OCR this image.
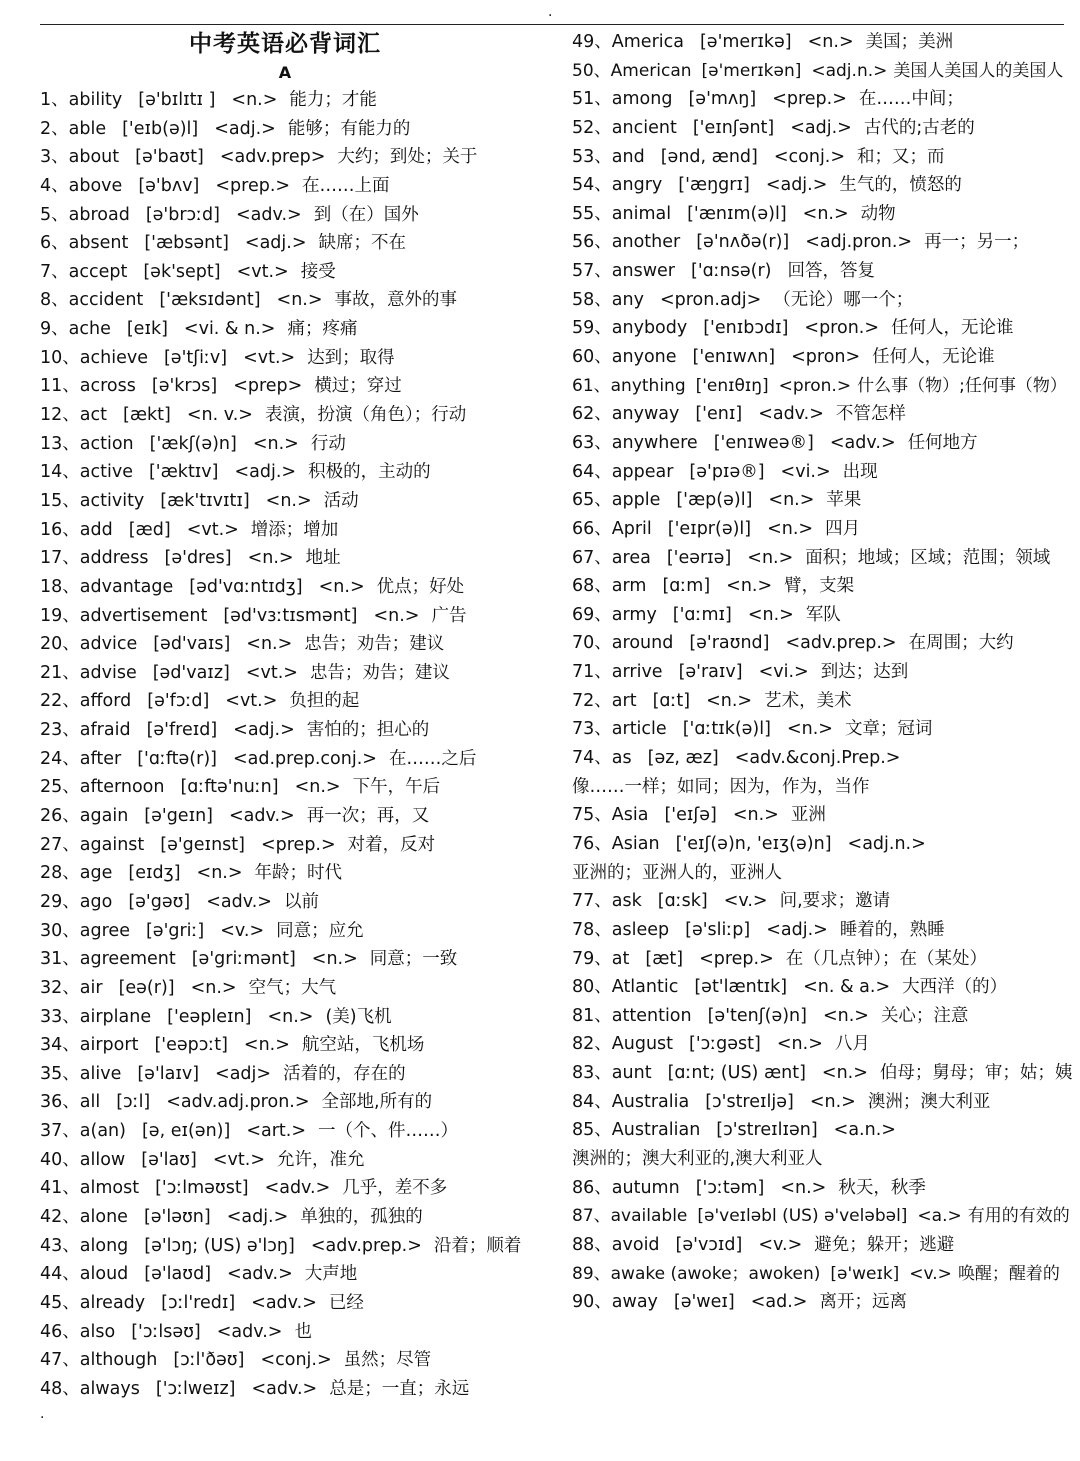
.
中考英语必背词汇
A
1、ability [ə'bɪlɪtɪ ] <n.> 能力；才能
2、able ['eɪb(ə)l] <adj.> 能够；有能力的
3、about [ə'baʊt] <adv.prep> 大约；到处；关于
4、above [ə'bʌv] <prep.> 在……上面
5、abroad [ə'brɔːd] <adv.> 到（在）国外
6、absent ['æbsənt] <adj.> 缺席；不在
7、accept [ək'sept] <vt.> 接受
8、accident ['æksɪdənt] <n.> 事故，意外的事
9、ache [eɪk] <vi. & n.> 痛；疼痛
10、achieve [ə'tʃiːv] <vt.> 达到；取得
11、across [ə'krɔs] <prep> 横过；穿过
12、act [ækt] <n. v.> 表演，扮演（角色）；行动
13、action ['ækʃ(ə)n] <n.> 行动
14、active ['æktɪv] <adj.> 积极的，主动的
15、activity [æk'tɪvɪtɪ] <n.> 活动
16、add [æd] <vt.> 增添；增加
17、address [ə'dres] <n.> 地址
18、advantage [əd'vɑːntɪdʒ] <n.> 优点；好处
19、advertisement [əd'vɜːtɪsmənt] <n.> 广告
20、advice [əd'vaɪs] <n.> 忠告；劝告；建议
21、advise [əd'vaɪz] <vt.> 忠告；劝告；建议
22、afford [ə'fɔːd] <vt.> 负担的起
23、afraid [ə'freɪd] <adj.> 害怕的；担心的
24、after ['ɑːftə(r)] <ad.prep.conj.> 在……之后
25、afternoon [ɑːftə'nuːn] <n.> 下午，午后
26、again [ə'geɪn] <adv.> 再一次；再，又
27、against [ə'geɪnst] <prep.> 对着，反对
28、age [eɪdʒ] <n.> 年龄；时代
29、ago [ə'gəʊ] <adv.> 以前
30、agree [ə'griː] <v.> 同意；应允
31、agreement [ə'griːmənt] <n.> 同意；一致
32、air [eə(r)] <n.> 空气；大气
33、airplane ['eəpleɪn] <n.> (美)飞机
34、airport ['eəpɔːt] <n.> 航空站，飞机场
35、alive [ə'laɪv] <adj> 活着的，存在的
36、all [ɔːl] <adv.adj.pron.> 全部地,所有的
37、a(an) [ə, eɪ(ən)] <art.> 一（个、件……）
40、allow [ə'laʊ] <vt.> 允许，准允
41、almost ['ɔːlməʊst] <adv.> 几乎，差不多
42、alone [ə'ləʊn] <adj.> 单独的，孤独的
43、along [ə'lɔŋ; (US) ə'lɔŋ] <adv.prep.> 沿着；顺着
44、aloud [ə'laʊd] <adv.> 大声地
45、already [ɔːl'redɪ] <adv.> 已经
46、also ['ɔːlsəʊ] <adv.> 也
47、although [ɔːl'ðəʊ] <conj.> 虽然；尽管
48、always ['ɔːlweɪz] <adv.> 总是；一直；永远
49、America [ə'merɪkə] <n.> 美国；美洲
50、American [ə'merɪkən] <adj.n.> 美国人美国人的美国人
51、among [ə'mʌŋ] <prep.> 在……中间；
52、ancient ['eɪnʃənt] <adj.> 古代的;古老的
53、and [ənd, ænd] <conj.> 和；又；而
54、angry ['æŋgrɪ] <adj.> 生气的，愤怒的
55、animal ['ænɪm(ə)l] <n.> 动物
56、another [ə'nʌðə(r)] <adj.pron.> 再一；另一；
57、answer ['ɑːnsə(r) 回答，答复
58、any <pron.adj> （无论）哪一个；
59、anybody ['enɪbɔdɪ] <pron.> 任何人，无论谁
60、anyone ['enɪwʌn] <pron> 任何人，无论谁
61、anything ['enɪθɪŋ] <pron.> 什么事（物）;任何事（物）
62、anyway ['enɪ] <adv.> 不管怎样
63、anywhere ['enɪweə®] <adv.> 任何地方
64、appear [ə'pɪə®] <vi.> 出现
65、apple ['æp(ə)l] <n.> 苹果
66、April ['eɪpr(ə)l] <n.> 四月
67、area ['eərɪə] <n.> 面积；地域；区域；范围；领域
68、arm [ɑːm] <n.> 臂，支架
69、army ['ɑːmɪ] <n.> 军队
70、around [ə'raʊnd] <adv.prep.> 在周围；大约
71、arrive [ə'raɪv] <vi.> 到达；达到
72、art [ɑːt] <n.> 艺术，美术
73、article ['ɑːtɪk(ə)l] <n.> 文章；冠词
74、as [əz, æz] <adv.&conj.Prep.>
像……一样；如同；因为，作为，当作
75、Asia ['eɪʃə] <n.> 亚洲
76、Asian ['eɪʃ(ə)n, 'eɪʒ(ə)n] <adj.n.>
亚洲的；亚洲人的，亚洲人
77、ask [ɑːsk] <v.> 问,要求；邀请
78、asleep [ə'sliːp] <adj.> 睡着的，熟睡
79、at [æt] <prep.> 在（几点钟）；在（某处）
80、Atlantic [ət'læntɪk] <n. & a.> 大西洋（的）
81、attention [ə'tenʃ(ə)n] <n.> 关心；注意
82、August ['ɔːgəst] <n.> 八月
83、aunt [ɑːnt; (US) ænt] <n.> 伯母；舅母；审；姑；姨
84、Australia [ɔ'streɪljə] <n.> 澳洲；澳大利亚
85、Australian [ɔ'streɪlɪən] <a.n.>
澳洲的；澳大利亚的,澳大利亚人
86、autumn ['ɔːtəm] <n.> 秋天，秋季
87、available [ə'veɪləbl (US) ə'veləbəl] <a.> 有用的有效的
88、avoid [ə'vɔɪd] <v.> 避免；躲开；逃避
89、awake (awoke；awoken) [ə'weɪk] <v.> 唤醒；醒着的
90、away [ə'weɪ] <ad.> 离开；远离
.
